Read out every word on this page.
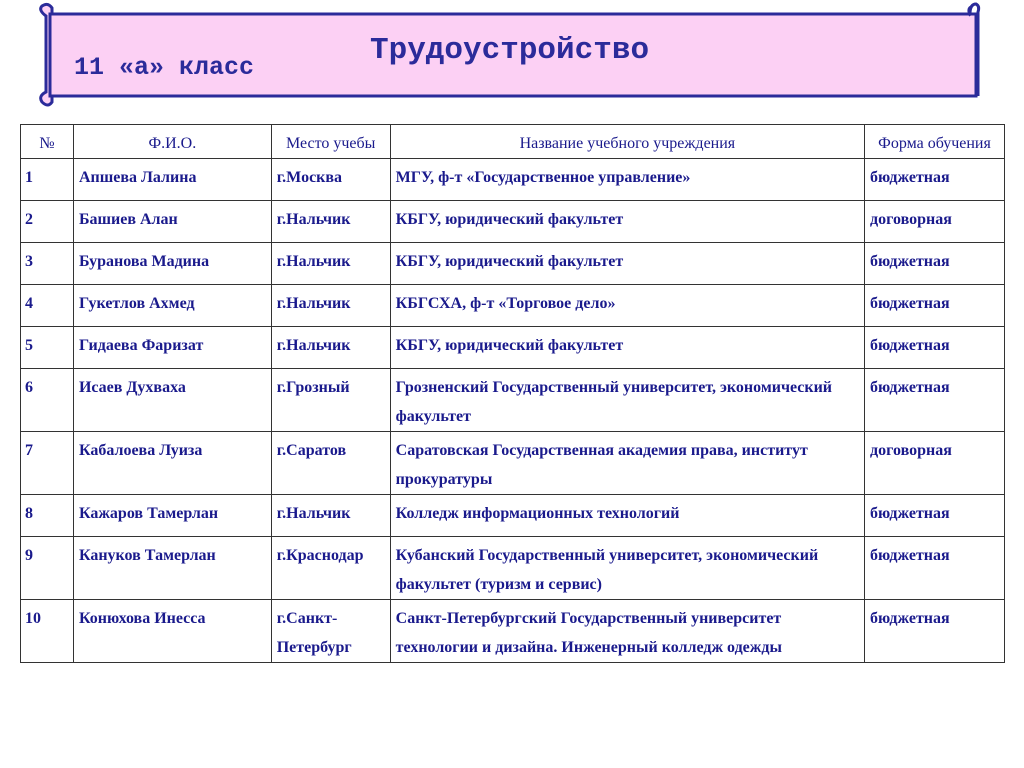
11 «а» класс	Трудоустройство
№	Ф.И.О.	Место учебы	Название учебного учреждения	Форма обучения
1	Апшева Лалина	г.Москва	МГУ, ф-т «Государственное управление»	бюджетная
2	Башиев Алан	г.Нальчик	КБГУ, юридический факультет	договорная
3	Буранова Мадина	г.Нальчик	КБГУ, юридический факультет	бюджетная
4	Гукетлов Ахмед	г.Нальчик	КБГСХА, ф-т «Торговое дело»	бюджетная
5	Гидаева Фаризат	г.Нальчик	КБГУ, юридический факультет	бюджетная
6	Исаев Духваха	г.Грозный	Грозненский Государственный университет, экономический факультет	бюджетная
7	Кабалоева Луиза	г.Саратов	Саратовская Государственная академия права, институт прокуратуры	договорная
8	Кажаров Тамерлан	г.Нальчик	Колледж информационных технологий	бюджетная
9	Кануков Тамерлан	г.Краснодар	Кубанский Государственный университет, экономический факультет (туризм и сервис)	бюджетная
10	Конюхова Инесса	г.Санкт-Петербург	Санкт-Петербургский Государственный университет технологии и дизайна. Инженерный колледж одежды	бюджетная
